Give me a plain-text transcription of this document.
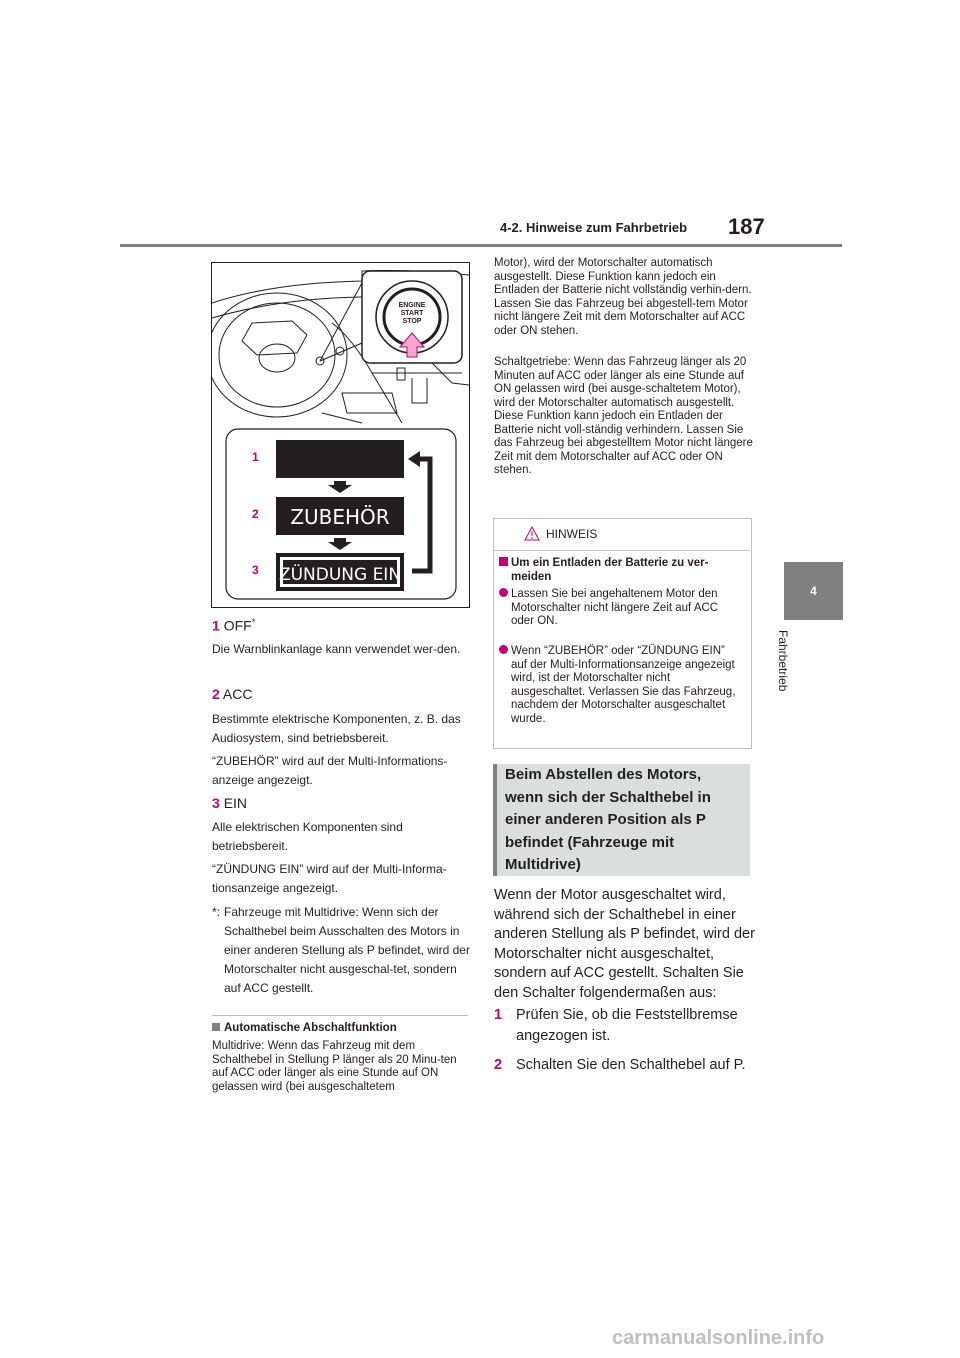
4-2. Hinweise zum Fahrbetrieb 187
4
Fahrbetrieb
ENGINE
START
STOP
1
2 ZUBEHÖR
3 ZÜNDUNG EIN
1 OFF*
Die Warnblinkanlage kann verwendet wer-den.
2 ACC
Bestimmte elektrische Komponenten, z. B. das Audiosystem, sind betriebsbereit.
“ZUBEHÖR” wird auf der Multi-Informations-anzeige angezeigt.
3 EIN
Alle elektrischen Komponenten sind betriebsbereit.
“ZÜNDUNG EIN” wird auf der Multi-Informa-tionsanzeige angezeigt.
*: Fahrzeuge mit Multidrive: Wenn sich der Schalthebel beim Ausschalten des Motors in einer anderen Stellung als P befindet, wird der Motorschalter nicht ausgeschal-tet, sondern auf ACC gestellt.
Automatische Abschaltfunktion
Multidrive: Wenn das Fahrzeug mit dem Schalthebel in Stellung P länger als 20 Minu-ten auf ACC oder länger als eine Stunde auf ON gelassen wird (bei ausgeschaltetem
Motor), wird der Motorschalter automatisch ausgestellt. Diese Funktion kann jedoch ein Entladen der Batterie nicht vollständig verhin-dern. Lassen Sie das Fahrzeug bei abgestell-tem Motor nicht längere Zeit mit dem Motorschalter auf ACC oder ON stehen.
Schaltgetriebe: Wenn das Fahrzeug länger als 20 Minuten auf ACC oder länger als eine Stunde auf ON gelassen wird (bei ausge-schaltetem Motor), wird der Motorschalter automatisch ausgestellt. Diese Funktion kann jedoch ein Entladen der Batterie nicht voll-ständig verhindern. Lassen Sie das Fahrzeug bei abgestelltem Motor nicht längere Zeit mit dem Motorschalter auf ACC oder ON stehen.
HINWEIS
Um ein Entladen der Batterie zu ver-meiden
Lassen Sie bei angehaltenem Motor den Motorschalter nicht längere Zeit auf ACC oder ON.
Wenn “ZUBEHÖR” oder “ZÜNDUNG EIN” auf der Multi-Informationsanzeige angezeigt wird, ist der Motorschalter nicht ausgeschaltet. Verlassen Sie das Fahrzeug, nachdem der Motorschalter ausgeschaltet wurde.
Beim Abstellen des Motors, wenn sich der Schalthebel in einer anderen Position als P befindet (Fahrzeuge mit Multidrive)
Wenn der Motor ausgeschaltet wird, während sich der Schalthebel in einer anderen Stellung als P befindet, wird der Motorschalter nicht ausgeschaltet, sondern auf ACC gestellt. Schalten Sie den Schalter folgendermaßen aus:
1 Prüfen Sie, ob die Feststellbremse angezogen ist.
2 Schalten Sie den Schalthebel auf P.
carmanualsonline.info
